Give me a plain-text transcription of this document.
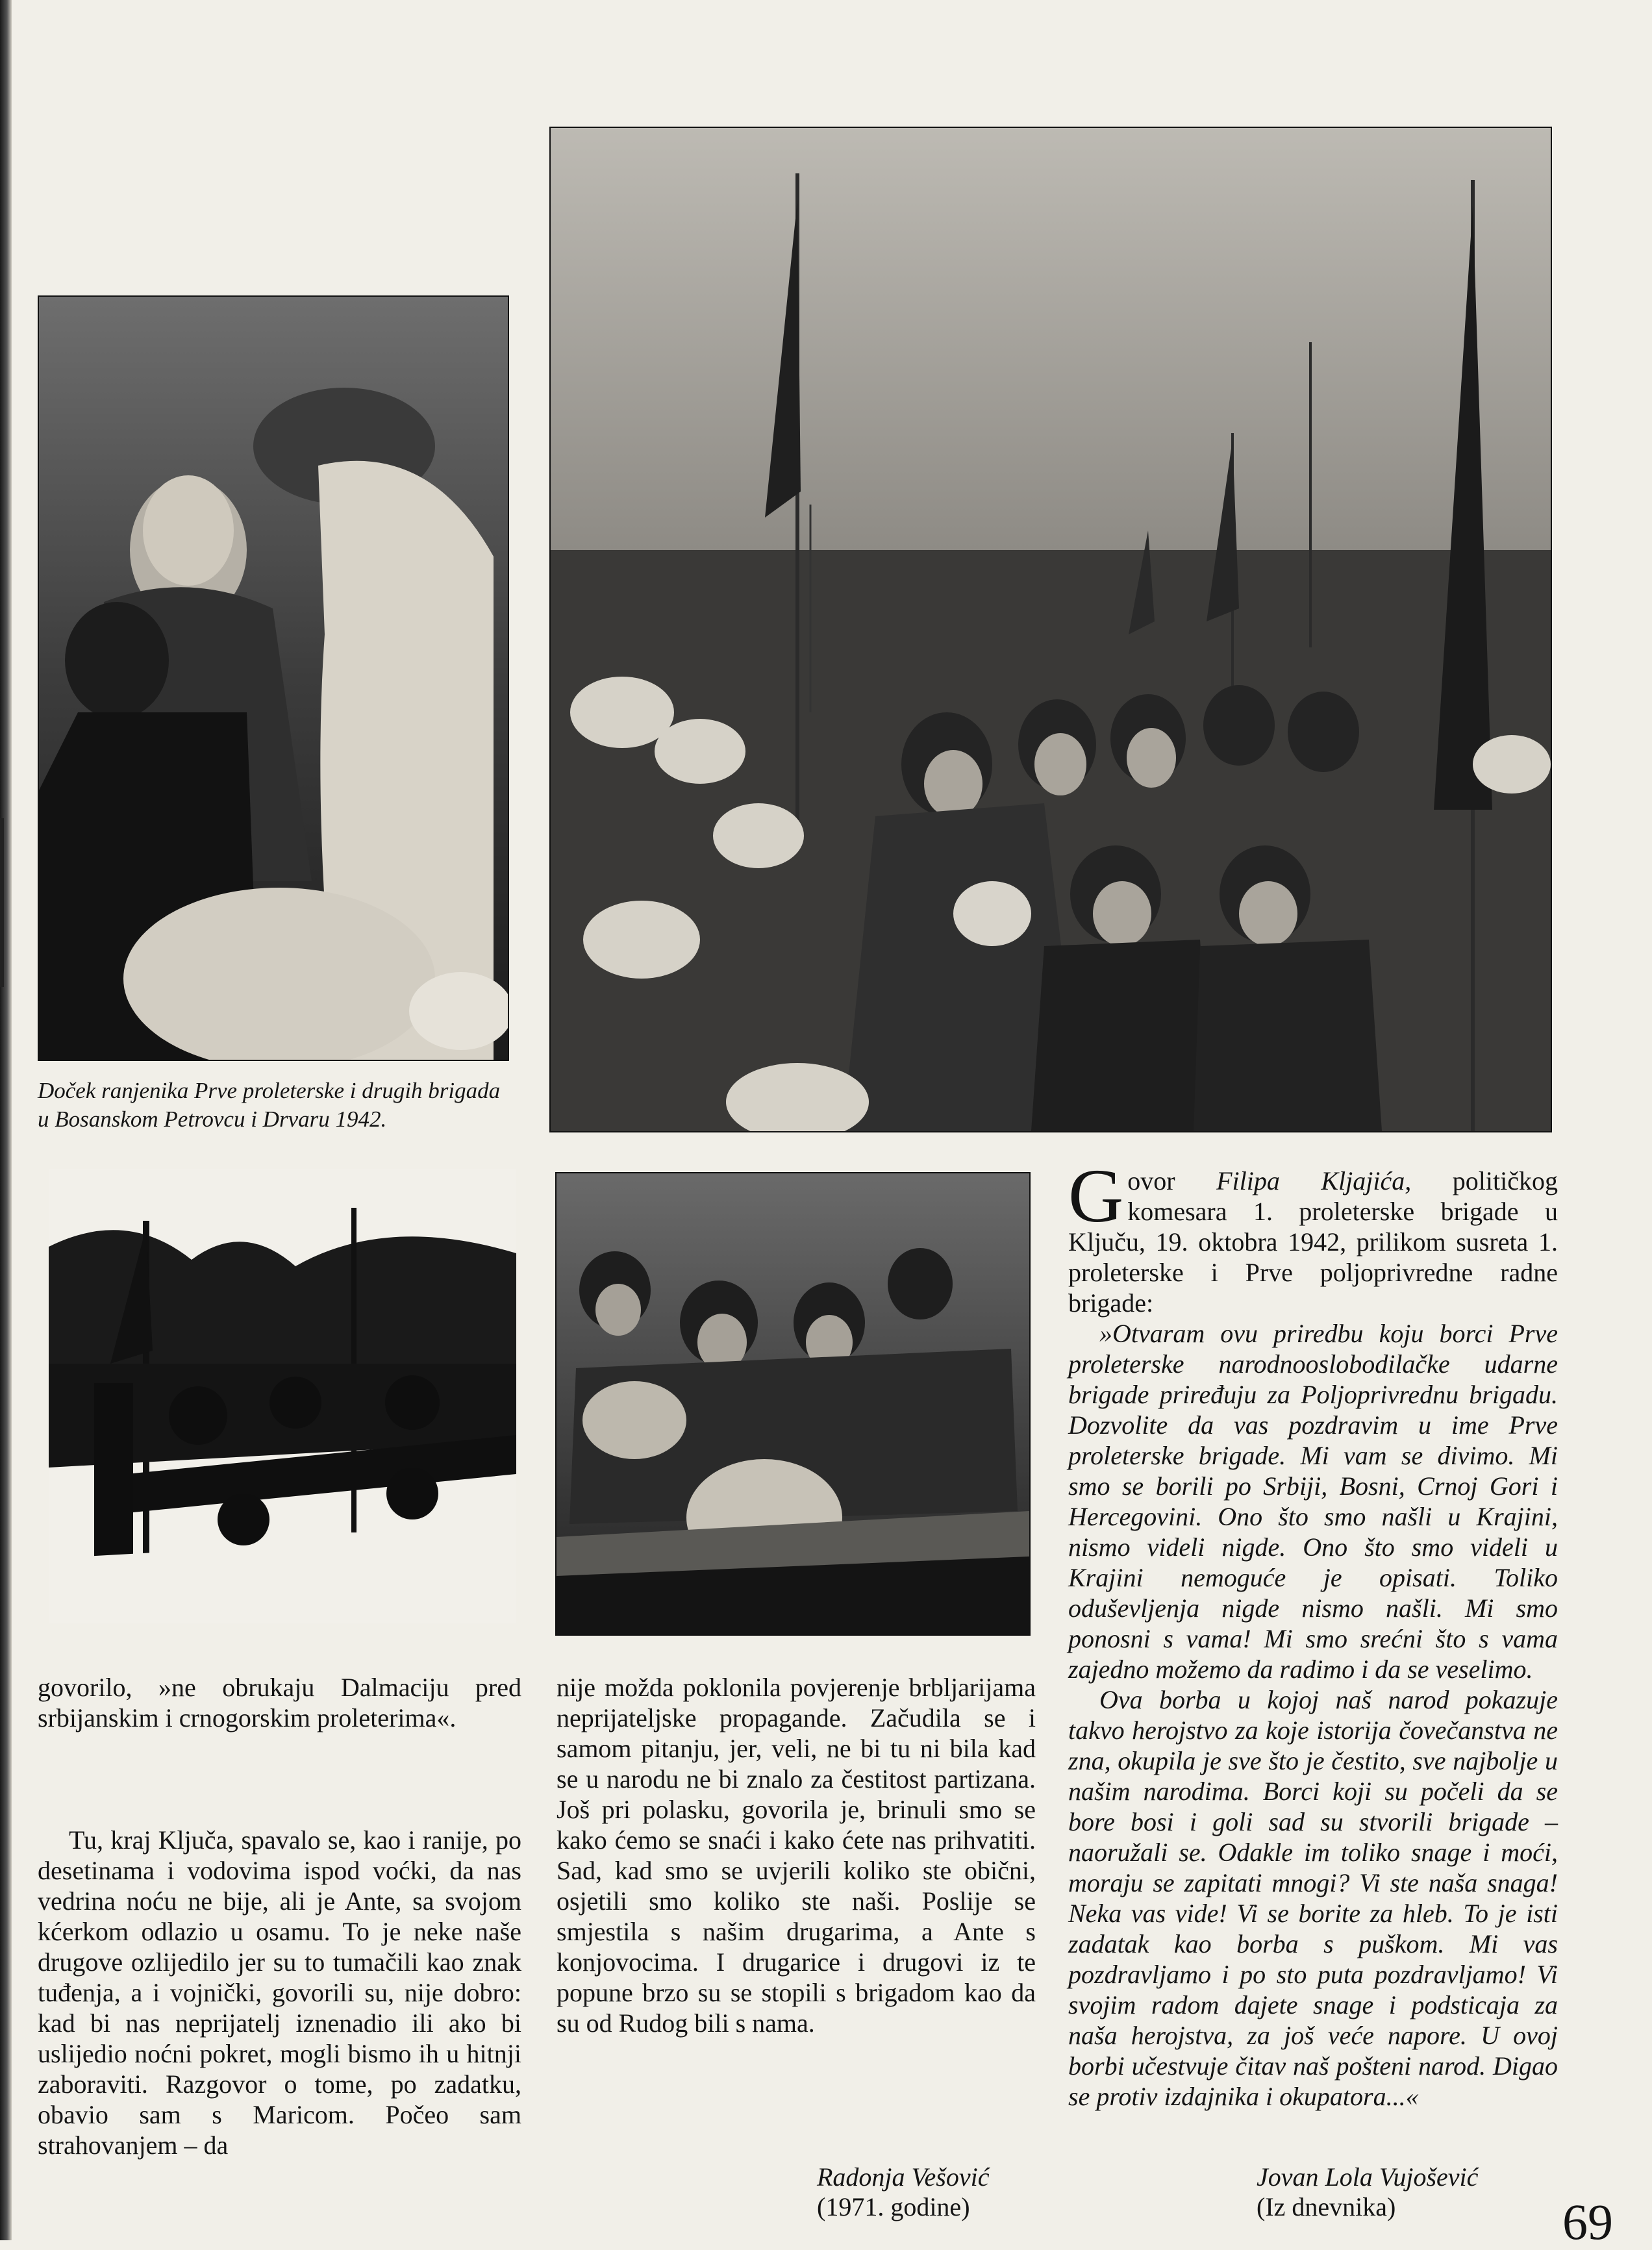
Doček ranjenika Prve proleterske i drugih brigada u Bosanskom Petrovcu i Drvaru 1942.

govorilo, »ne obrukaju Dalmaciju pred srbijanskim i crnogorskim proleterima«.

Tu, kraj Ključa, spavalo se, kao i ranije, po desetinama i vodovima ispod voćki, da nas vedrina noću ne bije, ali je Ante, sa svojom kćerkom odlazio u osamu. To je neke naše drugove ozlijedilo jer su to tumačili kao znak tuđenja, a i vojnički, govorili su, nije dobro: kad bi nas neprijatelj iznenadio ili ako bi uslijedio noćni pokret, mogli bismo ih u hitnji zaboraviti. Razgovor o tome, po zadatku, obavio sam s Maricom. Počeo sam strahovanjem – da

nije možda poklonila povjerenje brbljarijama neprijateljske propagande. Začudila se i samom pitanju, jer, veli, ne bi tu ni bila kad se u narodu ne bi znalo za čestitost partizana. Još pri polasku, govorila je, brinuli smo se kako ćemo se snaći i kako ćete nas prihvatiti. Sad, kad smo se uvjerili koliko ste obični, osjetili smo koliko ste naši. Poslije se smjestila s našim drugarima, a Ante s konjovocima. I drugarice i drugovi iz te popune brzo su se stopili s brigadom kao da su od Rudog bili s nama.

Radonja Vešović
(1971. godine)

Govor Filipa Kljajića, političkog komesara 1. proleterske brigade u Ključu, 19. oktobra 1942, prilikom susreta 1. proleterske i Prve poljoprivredne radne brigade:

»Otvaram ovu priredbu koju borci Prve proleterske narodnooslobodilačke udarne brigade priređuju za Poljoprivrednu brigadu. Dozvolite da vas pozdravim u ime Prve proleterske brigade. Mi vam se divimo. Mi smo se borili po Srbiji, Bosni, Crnoj Gori i Hercegovini. Ono što smo našli u Krajini, nismo videli nigde. Ono što smo videli u Krajini nemoguće je opisati. Toliko oduševljenja nigde nismo našli. Mi smo ponosni s vama! Mi smo srećni što s vama zajedno možemo da radimo i da se veselimo.

Ova borba u kojoj naš narod pokazuje takvo herojstvo za koje istorija čovečanstva ne zna, okupila je sve što je čestito, sve najbolje u našim narodima. Borci koji su počeli da se bore bosi i goli sad su stvorili brigade – naoružali se. Odakle im toliko snage i moći, moraju se zapitati mnogi? Vi ste naša snaga! Neka vas vide! Vi se borite za hleb. To je isti zadatak kao borba s puškom. Mi vas pozdravljamo i po sto puta pozdravljamo! Vi svojim radom dajete snage i podsticaja za naša herojstva, za još veće napore. U ovoj borbi učestvuje čitav naš pošteni narod. Digao se protiv izdajnika i okupatora...«

Jovan Lola Vujošević
(Iz dnevnika)	69
